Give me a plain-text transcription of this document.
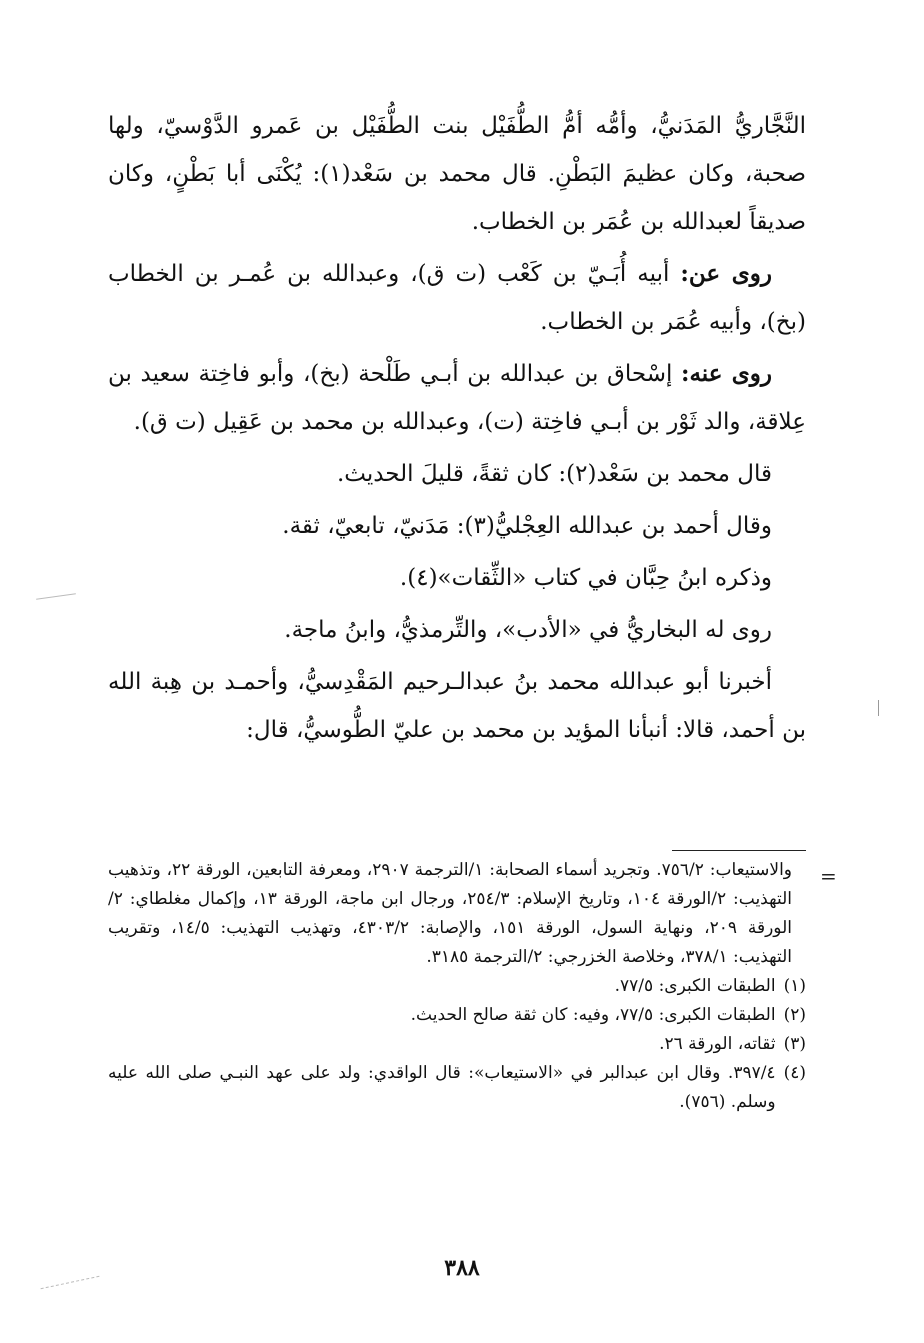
النَّجَّاريُّ المَدَنيُّ، وأمُّه أمُّ الطُّفَيْل بنت الطُّفَيْل بن عَمرو الدَّوْسيّ، ولها صحبة، وكان عظيمَ البَطْنِ. قال محمد بن سَعْد(١): يُكْنَى أبا بَطْنٍ، وكان صديقاً لعبدالله بن عُمَر بن الخطاب.

روى عن: أبيه أُبَـيّ بن كَعْب (ت ق)، وعبدالله بن عُمـر بن الخطاب (بخ)، وأبيه عُمَر بن الخطاب.

روى عنه: إسْحاق بن عبدالله بن أبـي طَلْحة (بخ)، وأبو فاخِتة سعيد بن عِلاقة، والد ثَوْر بن أبـي فاخِتة (ت)، وعبدالله بن محمد بن عَقِيل (ت ق).

قال محمد بن سَعْد(٢): كان ثقةً، قليلَ الحديث.

وقال أحمد بن عبدالله العِجْليُّ(٣): مَدَنيّ، تابعيّ، ثقة.

وذكره ابنُ حِبَّان في كتاب «الثِّقات»(٤).

روى له البخاريُّ في «الأدب»، والتِّرمذيُّ، وابنُ ماجة.

أخبرنا أبو عبدالله محمد بنُ عبدالـرحيم المَقْدِسيُّ، وأحمـد بن هِبة الله بن أحمد، قالا: أنبأنا المؤيد بن محمد بن عليّ الطُّوسيُّ، قال:

=

والاستيعاب: ٧٥٦/٢. وتجريد أسماء الصحابة: ١/الترجمة ٢٩٠٧، ومعرفة التابعين، الورقة ٢٢، وتذهيب التهذيب: ٢/الورقة ١٠٤، وتاريخ الإسلام: ٢٥٤/٣، ورجال ابن ماجة، الورقة ١٣، وإكمال مغلطاي: ٢/الورقة ٢٠٩، ونهاية السول، الورقة ١٥١، والإصابة: ٤٣٠٣/٢، وتهذيب التهذيب: ١٤/٥، وتقريب التهذيب: ٣٧٨/١، وخلاصة الخزرجي: ٢/الترجمة ٣١٨٥.

(١)
الطبقات الكبرى: ٧٧/٥.
(٢)
الطبقات الكبرى: ٧٧/٥، وفيه: كان ثقة صالح الحديث.
(٣)
ثقاته، الورقة ٢٦.
(٤)
٣٩٧/٤. وقال ابن عبدالبر في «الاستيعاب»: قال الواقدي: ولد على عهد النبـي صلى الله عليه وسلم. (٧٥٦).
٣٨٨
